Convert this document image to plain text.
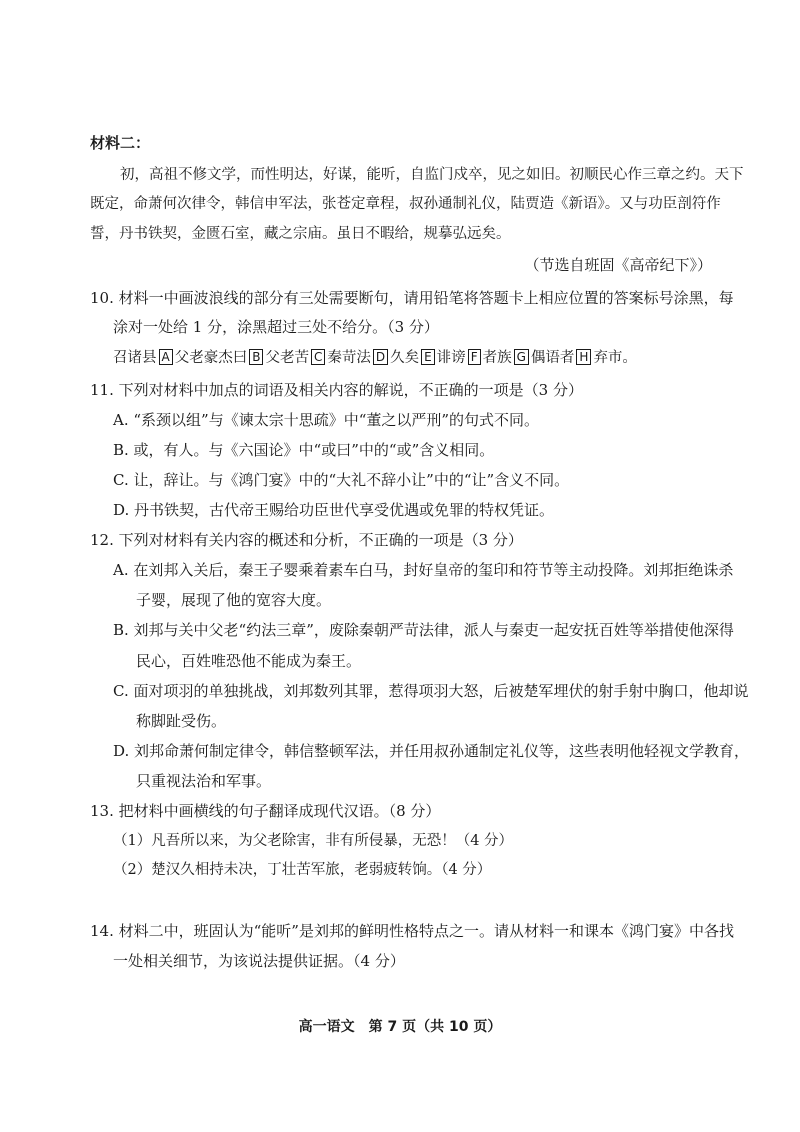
材料二：
初，高祖不修文学，而性明达，好谋，能听，自监门戍卒，见之如旧。初顺民心作三章之约。天下
既定，命萧何次律令，韩信申军法，张苍定章程，叔孙通制礼仪，陆贾造《新语》。又与功臣剖符作
誓，丹书铁契，金匮石室，藏之宗庙。虽日不暇给，规摹弘远矣。
（节选自班固《高帝纪下》）
10. 材料一中画波浪线的部分有三处需要断句，请用铅笔将答题卡上相应位置的答案标号涂黑，每
涂对一处给 1 分，涂黑超过三处不给分。（3 分）
召诸县 A 父老豪杰曰 B 父老苦 C 秦苛法 D 久矣 E 诽谤 F 者族 G 偶语者 H 弃市。
11. 下列对材料中加点的词语及相关内容的解说，不正确的一项是（3 分）
A. “系颈以组”与《谏太宗十思疏》中“董之以严刑”的句式不同。
B. 或，有人。与《六国论》中“或曰”中的“或”含义相同。
C. 让，辞让。与《鸿门宴》中的“大礼不辞小让”中的“让”含义不同。
D. 丹书铁契，古代帝王赐给功臣世代享受优遇或免罪的特权凭证。
12. 下列对材料有关内容的概述和分析，不正确的一项是（3 分）
A. 在刘邦入关后，秦王子婴乘着素车白马，封好皇帝的玺印和符节等主动投降。刘邦拒绝诛杀
子婴，展现了他的宽容大度。
B. 刘邦与关中父老“约法三章”，废除秦朝严苛法律，派人与秦吏一起安抚百姓等举措使他深得
民心，百姓唯恐他不能成为秦王。
C. 面对项羽的单独挑战，刘邦数列其罪，惹得项羽大怒，后被楚军埋伏的射手射中胸口，他却说
称脚趾受伤。
D. 刘邦命萧何制定律令，韩信整顿军法，并任用叔孙通制定礼仪等，这些表明他轻视文学教育，
只重视法治和军事。
13. 把材料中画横线的句子翻译成现代汉语。（8 分）
（1）凡吾所以来，为父老除害，非有所侵暴，无恐！（4 分）
（2）楚汉久相持未决，丁壮苦军旅，老弱疲转饷。（4 分）
14. 材料二中，班固认为“能听”是刘邦的鲜明性格特点之一。请从材料一和课本《鸿门宴》中各找
一处相关细节，为该说法提供证据。（4 分）
高一语文　第 7 页（共 10 页）
